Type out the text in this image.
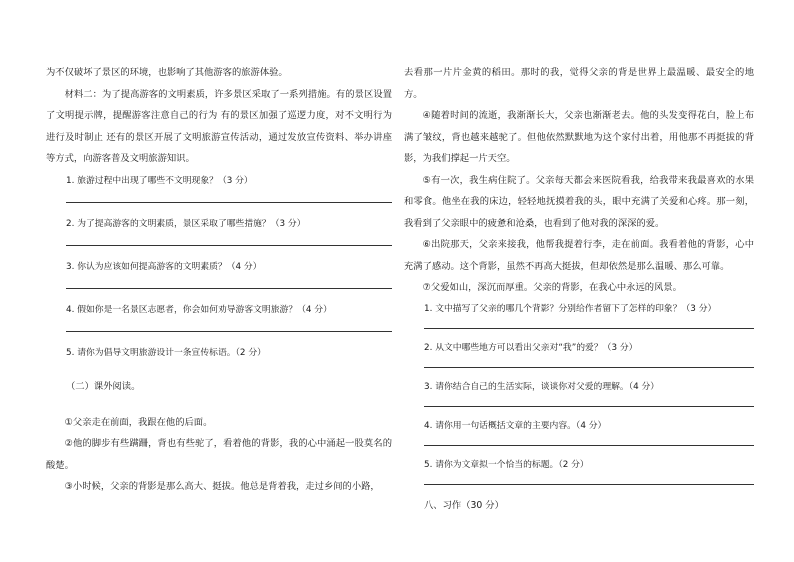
为不仅破坏了景区的环境，也影响了其他游客的旅游体验。

材料二：为了提高游客的文明素质，许多景区采取了一系列措施。有的景区设置了文明提示牌，提醒游客注意自己的行为 有的景区加强了巡逻力度，对不文明行为进行及时制止 还有的景区开展了文明旅游宣传活动，通过发放宣传资料、举办讲座等方式，向游客普及文明旅游知识。

1. 旅游过程中出现了哪些不文明现象？（3 分）

2. 为了提高游客的文明素质，景区采取了哪些措施？（3 分）

3. 你认为应该如何提高游客的文明素质？（4 分）

4. 假如你是一名景区志愿者，你会如何劝导游客文明旅游？（4 分）

5. 请你为倡导文明旅游设计一条宣传标语。（2 分）

（二）课外阅读。

①父亲走在前面，我跟在他的后面。

②他的脚步有些蹒跚，背也有些驼了，看着他的背影，我的心中涌起一股莫名的酸楚。

③小时候，父亲的背影是那么高大、挺拔。他总是背着我，走过乡间的小路，

去看那一片片金黄的稻田。那时的我，觉得父亲的背是世界上最温暖、最安全的地方。

④随着时间的流逝，我渐渐长大，父亲也渐渐老去。他的头发变得花白，脸上布满了皱纹，背也越来越驼了。但他依然默默地为这个家付出着，用他那不再挺拔的背影，为我们撑起一片天空。

⑤有一次，我生病住院了。父亲每天都会来医院看我，给我带来我最喜欢的水果和零食。他坐在我的床边，轻轻地抚摸着我的头，眼中充满了关爱和心疼。那一刻，我看到了父亲眼中的疲惫和沧桑，也看到了他对我的深深的爱。

⑥出院那天，父亲来接我，他帮我提着行李，走在前面。我看着他的背影，心中充满了感动。这个背影，虽然不再高大挺拔，但却依然是那么温暖、那么可靠。

⑦父爱如山，深沉而厚重。父亲的背影，在我心中永远的风景。

1. 文中描写了父亲的哪几个背影？分别给作者留下了怎样的印象？（3 分）

2. 从文中哪些地方可以看出父亲对“我”的爱？（3 分）

3. 请你结合自己的生活实际，谈谈你对父爱的理解。（4 分）

4. 请你用一句话概括文章的主要内容。（4 分）

5. 请你为文章拟一个恰当的标题。（2 分）

八、习作（30 分）
